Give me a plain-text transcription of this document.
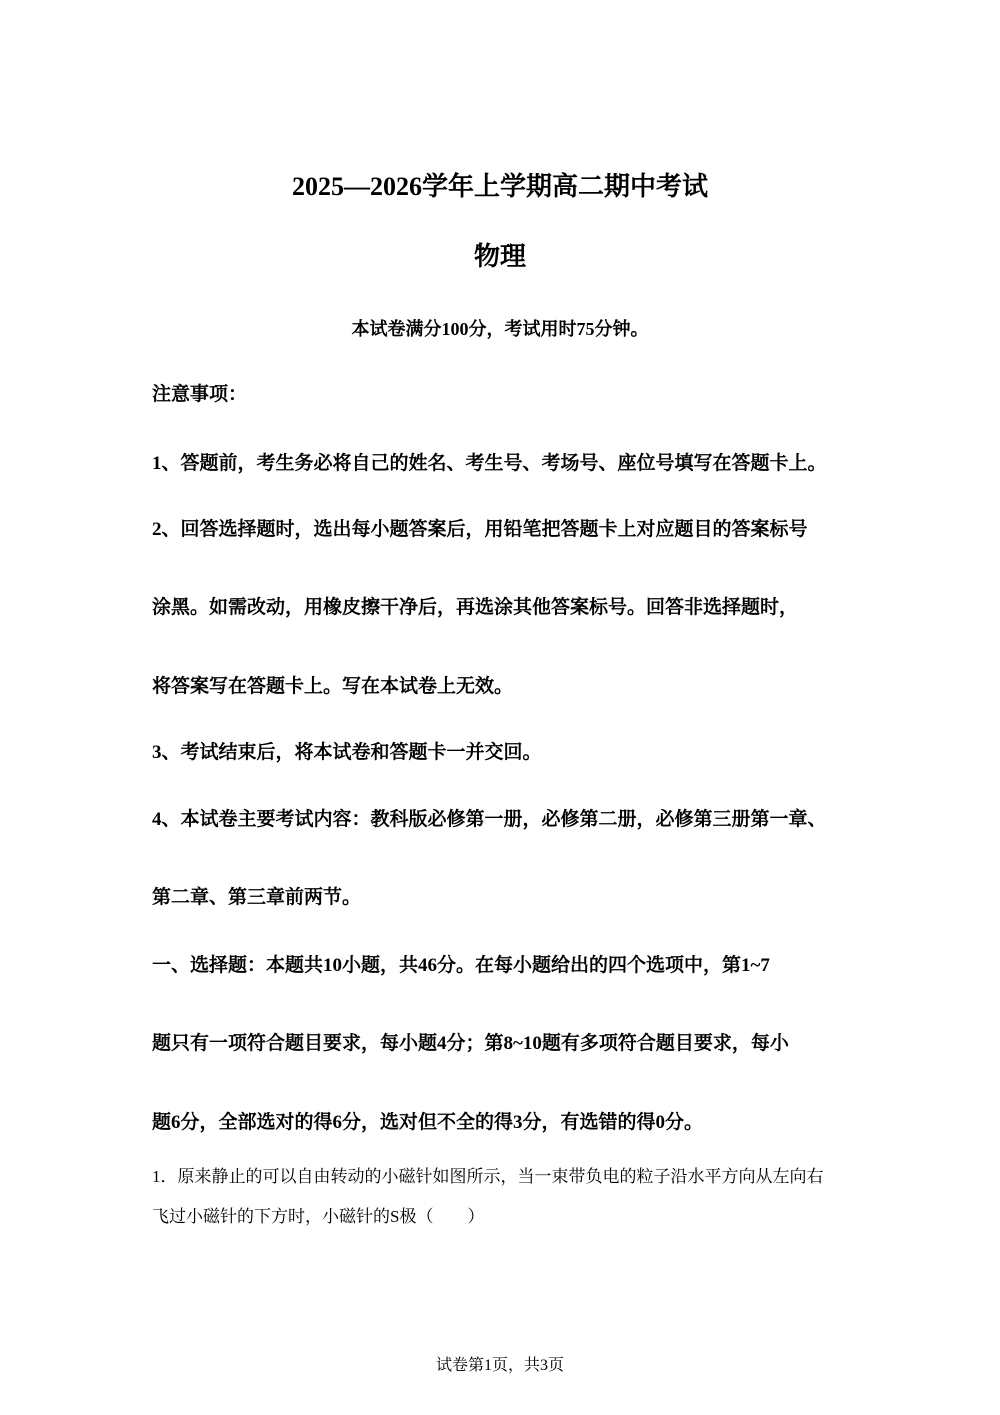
2025—2026学年上学期高二期中考试
物理
本试卷满分100分，考试用时75分钟。
注意事项：
1、答题前，考生务必将自己的姓名、考生号、考场号、座位号填写在答题卡上。
2、回答选择题时，选出每小题答案后，用铅笔把答题卡上对应题目的答案标号
涂黑。如需改动，用橡皮擦干净后，再选涂其他答案标号。回答非选择题时，
将答案写在答题卡上。写在本试卷上无效。
3、考试结束后，将本试卷和答题卡一并交回。
4、本试卷主要考试内容：教科版必修第一册，必修第二册，必修第三册第一章、
第二章、第三章前两节。
一、选择题：本题共10小题，共46分。在每小题给出的四个选项中，第1~7
题只有一项符合题目要求，每小题4分；第8~10题有多项符合题目要求，每小
题6分，全部选对的得6分，选对但不全的得3分，有选错的得0分。
1．原来静止的可以自由转动的小磁针如图所示，当一束带负电的粒子沿水平方向从左向右
飞过小磁针的下方时，小磁针的S极（　　）
试卷第1页，共3页
